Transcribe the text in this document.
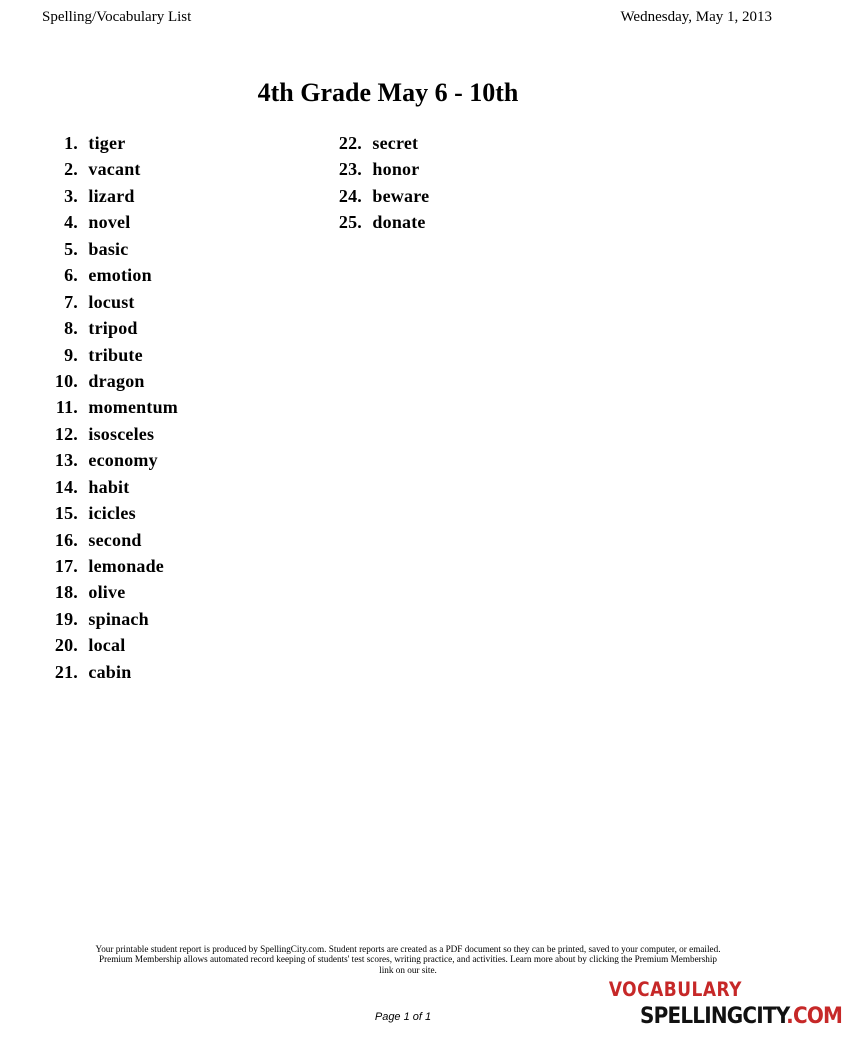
Spelling/Vocabulary List	Wednesday, May 1, 2013
4th Grade May 6 - 10th
1. tiger
2. vacant
3. lizard
4. novel
5. basic
6. emotion
7. locust
8. tripod
9. tribute
10. dragon
11. momentum
12. isosceles
13. economy
14. habit
15. icicles
16. second
17. lemonade
18. olive
19. spinach
20. local
21. cabin
22. secret
23. honor
24. beware
25. donate
Your printable student report is produced by SpellingCity.com. Student reports are created as a PDF document so they can be printed, saved to your computer, or emailed.
Premium Membership allows automated record keeping of students' test scores, writing practice, and activities. Learn more about by clicking the Premium Membership
link on our site.
Page 1 of 1
VOCABULARY
SPELLINGCITY.COM
